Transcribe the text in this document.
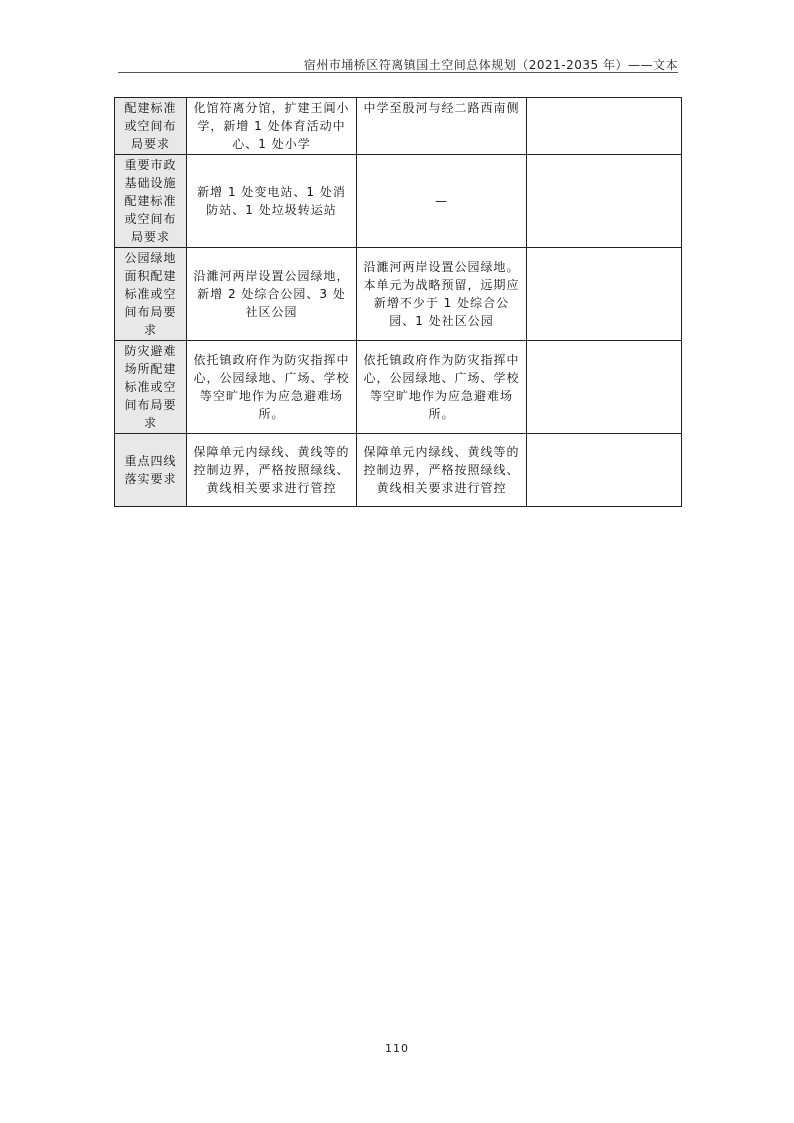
宿州市埇桥区符离镇国土空间总体规划（2021-2035 年）——文本
配建标准或空间布局要求	化馆符离分馆，扩建王阊小学，新增 1 处体育活动中心、1 处小学	中学至殷河与经二路西南侧	
重要市政基础设施配建标准或空间布局要求	新增 1 处变电站、1 处消防站、1 处垃圾转运站	—	
公园绿地面积配建标准或空间布局要求	沿濉河两岸设置公园绿地，新增 2 处综合公园、3 处社区公园	沿濉河两岸设置公园绿地。本单元为战略预留，远期应新增不少于 1 处综合公园、1 处社区公园	
防灾避难场所配建标准或空间布局要求	依托镇政府作为防灾指挥中心，公园绿地、广场、学校等空旷地作为应急避难场所。	依托镇政府作为防灾指挥中心，公园绿地、广场、学校等空旷地作为应急避难场所。	
重点四线落实要求	保障单元内绿线、黄线等的控制边界，严格按照绿线、黄线相关要求进行管控	保障单元内绿线、黄线等的控制边界，严格按照绿线、黄线相关要求进行管控	
110
